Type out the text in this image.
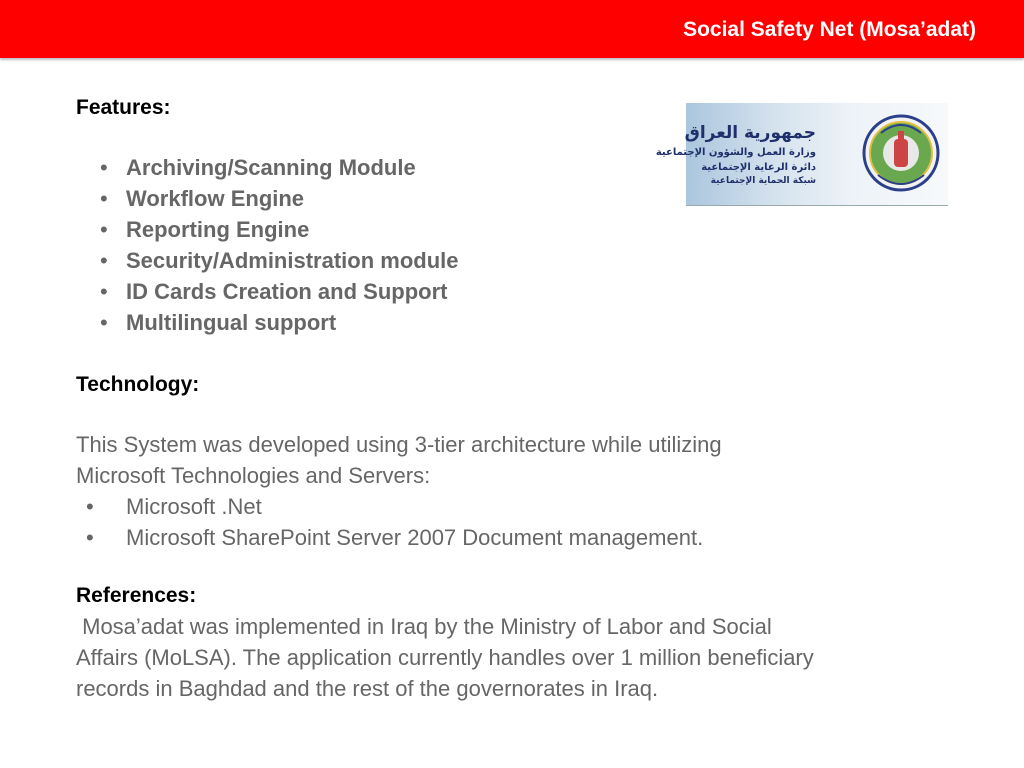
Social Safety Net (Mosa’adat)
Features:
• Archiving/Scanning Module
• Workflow Engine
• Reporting Engine
• Security/Administration module
• ID Cards Creation and Support
• Multilingual support
Technology:
This System was developed using 3-tier architecture while utilizing
Microsoft Technologies and Servers:
• Microsoft .Net
• Microsoft SharePoint Server 2007 Document management.
References:
Mosa’adat was implemented in Iraq by the Ministry of Labor and Social
Affairs (MoLSA). The application currently handles over 1 million beneficiary
records in Baghdad and the rest of the governorates in Iraq.
جمهورية العراق
وزارة العمل والشؤون الإجتماعية
دائرة الرعاية الإجتماعية
شبكة الحماية الإجتماعية
